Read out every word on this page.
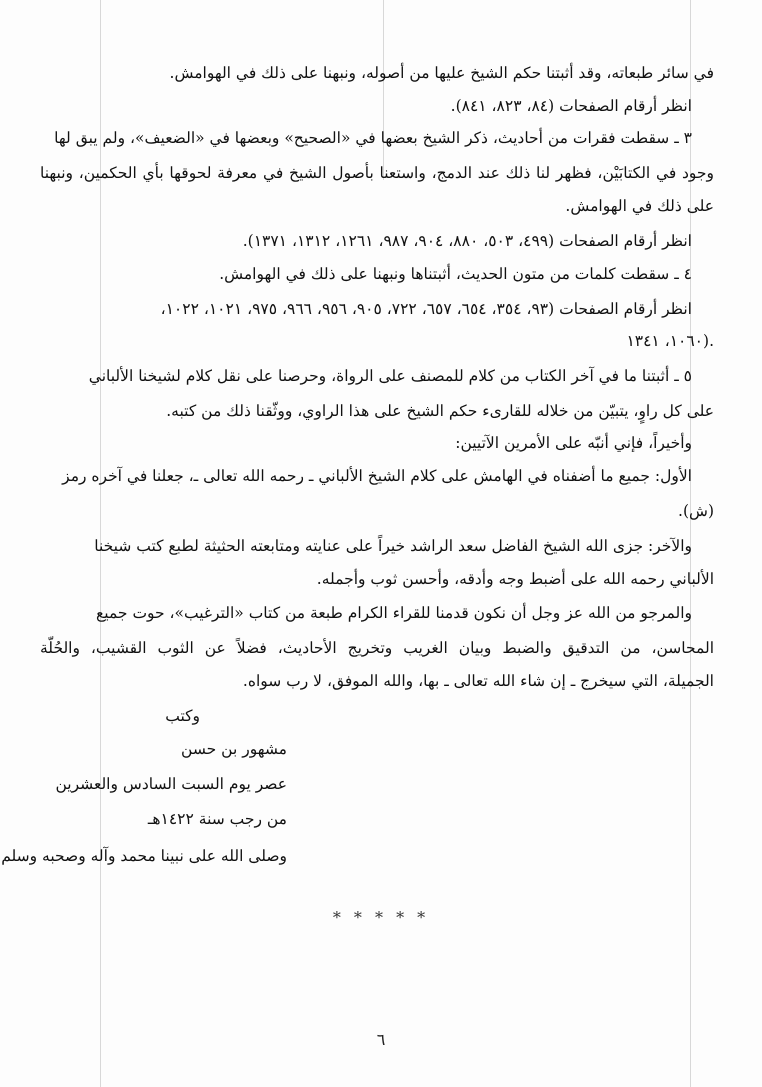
في سائر طبعاته، وقد أثبتنا حكم الشيخ عليها من أصوله، ونبهنا على ذلك في الهوامش.
انظر أرقام الصفحات (٨٤، ٨٢٣، ٨٤١).
٣ ـ سقطت فقرات من أحاديث، ذكر الشيخ بعضها في «الصحيح» وبعضها في «الضعيف»، ولم يبق لها
وجود في الكتابَيْن، فظهر لنا ذلك عند الدمج، واستعنا بأصول الشيخ في معرفة لحوقها بأي الحكمين، ونبهنا
على ذلك في الهوامش.
انظر أرقام الصفحات (٤٩٩، ٥٠٣، ٨٨٠، ٩٠٤، ٩٨٧، ١٢٦١، ١٣١٢، ١٣٧١).
٤ ـ سقطت كلمات من متون الحديث، أثبتناها ونبهنا على ذلك في الهوامش.
انظر أرقام الصفحات (٩٣، ٣٥٤، ٦٥٤، ٦٥٧، ٧٢٢، ٩٠٥، ٩٥٦، ٩٦٦، ٩٧٥، ١٠٢١، ١٠٢٢،
١٠٦٠، ١٣٤١).
٥ ـ أثبتنا ما في آخر الكتاب من كلام للمصنف على الرواة، وحرصنا على نقل كلام لشيخنا الألباني
على كل راوٍ، يتبيّن من خلاله للقارىء حكم الشيخ على هذا الراوي، ووثّقنا ذلك من كتبه.
وأخيراً، فإني أنبّه على الأمرين الآتيين:
الأول: جميع ما أضفناه في الهامش على كلام الشيخ الألباني ـ رحمه الله تعالى ـ، جعلنا في آخره رمز
(ش).
والآخر: جزى الله الشيخ الفاضل سعد الراشد خيراً على عنايته ومتابعته الحثيثة لطبع كتب شيخنا
الألباني رحمه الله على أضبط وجه وأدقه، وأحسن ثوب وأجمله.
والمرجو من الله عز وجل أن نكون قدمنا للقراء الكرام طبعة من كتاب «الترغيب»، حوت جميع
المحاسن، من التدقيق والضبط وبيان الغريب وتخريج الأحاديث، فضلاً عن الثوب القشيب، والحُلّة
الجميلة، التي سيخرج ـ إن شاء الله تعالى ـ بها، والله الموفق، لا رب سواه.
وكتب
مشهور بن حسن
عصر يوم السبت السادس والعشرين
من رجب سنة ١٤٢٢هـ
وصلى الله على نبينا محمد وآله وصحبه وسلم
* * * * *
٦
